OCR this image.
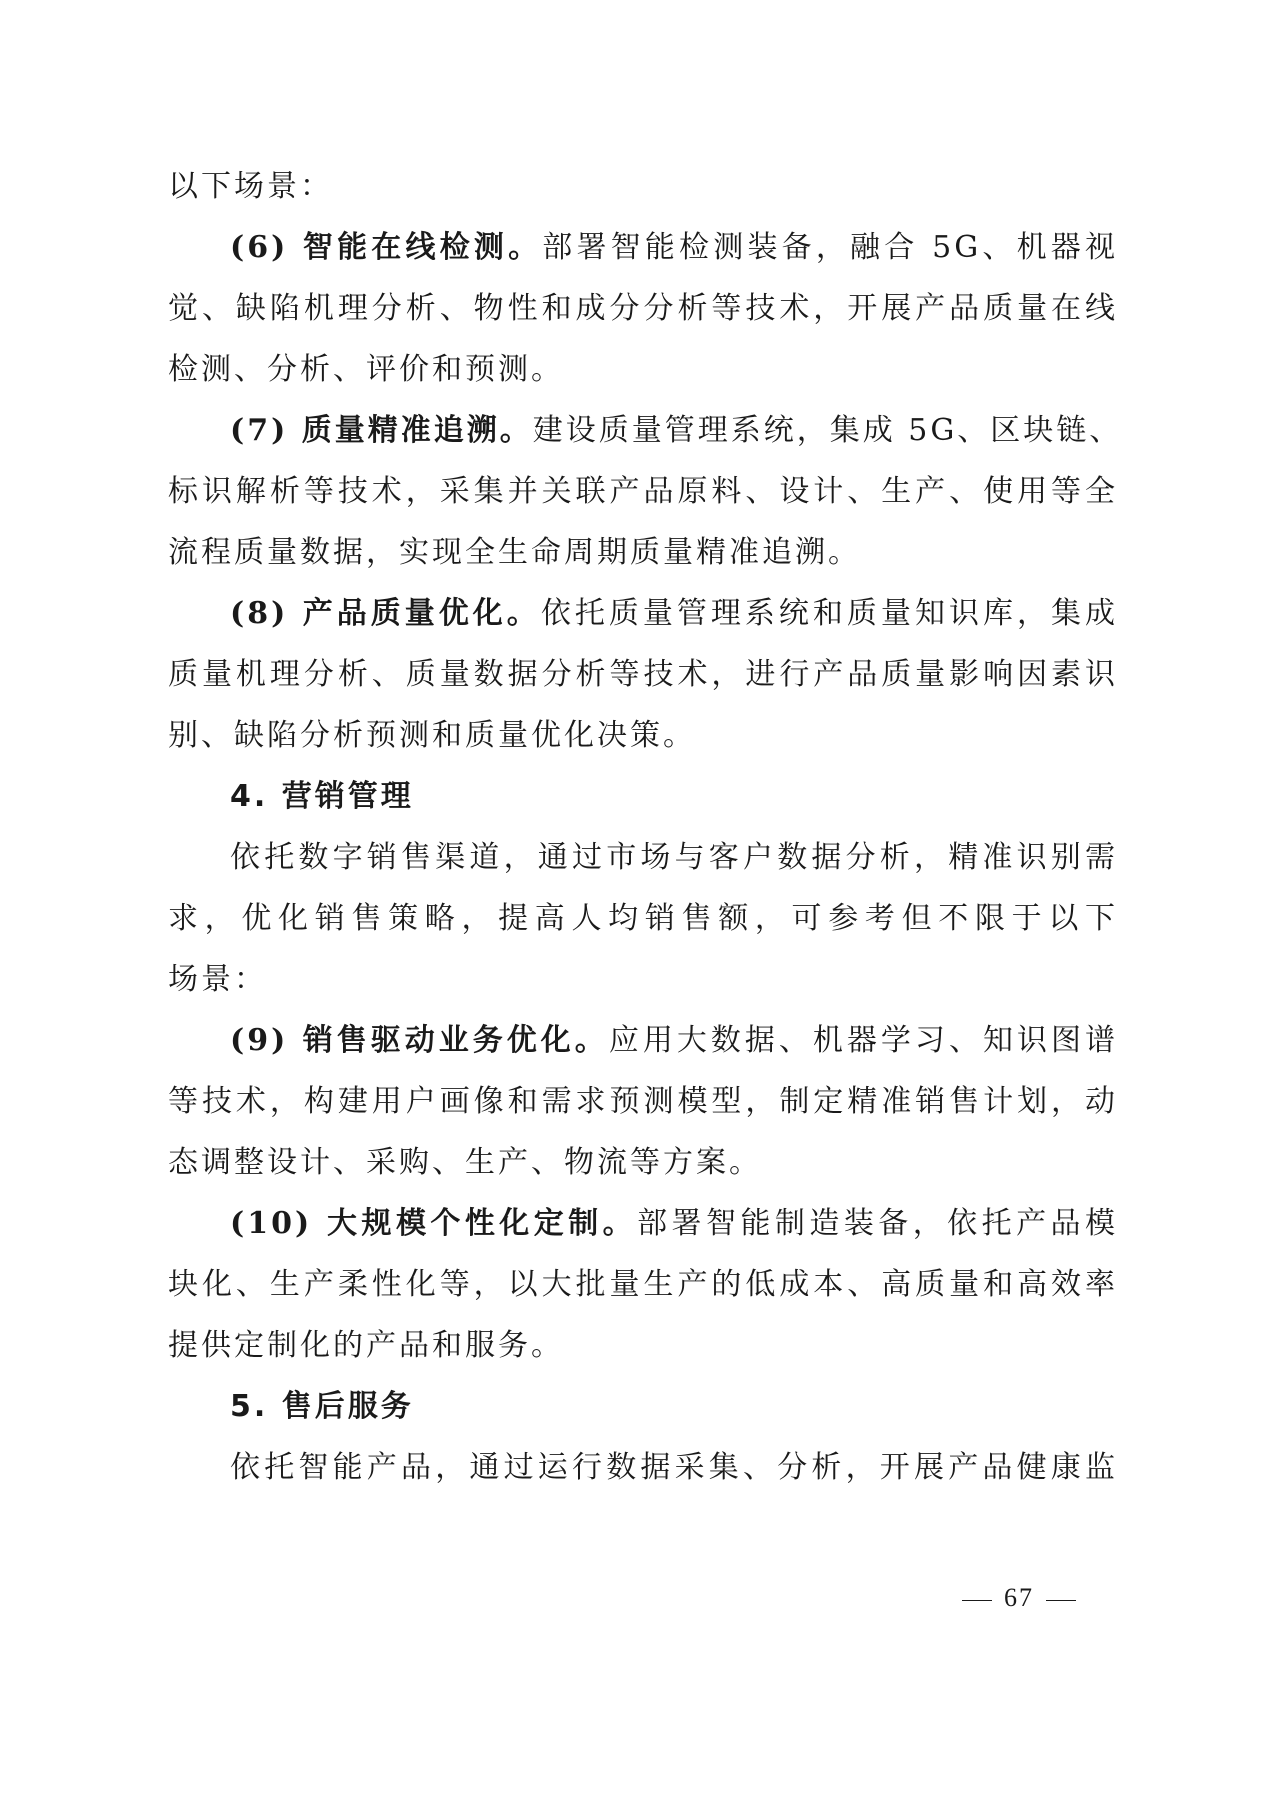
以下场景：
(6) 智能在线检测。部署智能检测装备，融合 5G、机器视
觉、缺陷机理分析、物性和成分分析等技术，开展产品质量在线
检测、分析、评价和预测。
(7) 质量精准追溯。建设质量管理系统，集成 5G、区块链、
标识解析等技术，采集并关联产品原料、设计、生产、使用等全
流程质量数据，实现全生命周期质量精准追溯。
(8) 产品质量优化。依托质量管理系统和质量知识库，集成
质量机理分析、质量数据分析等技术，进行产品质量影响因素识
别、缺陷分析预测和质量优化决策。
4. 营销管理
依托数字销售渠道，通过市场与客户数据分析，精准识别需
求，优化销售策略，提高人均销售额，可参考但不限于以下
场景：
(9) 销售驱动业务优化。应用大数据、机器学习、知识图谱
等技术，构建用户画像和需求预测模型，制定精准销售计划，动
态调整设计、采购、生产、物流等方案。
(10) 大规模个性化定制。部署智能制造装备，依托产品模
块化、生产柔性化等，以大批量生产的低成本、高质量和高效率
提供定制化的产品和服务。
5. 售后服务
依托智能产品，通过运行数据采集、分析，开展产品健康监
67
